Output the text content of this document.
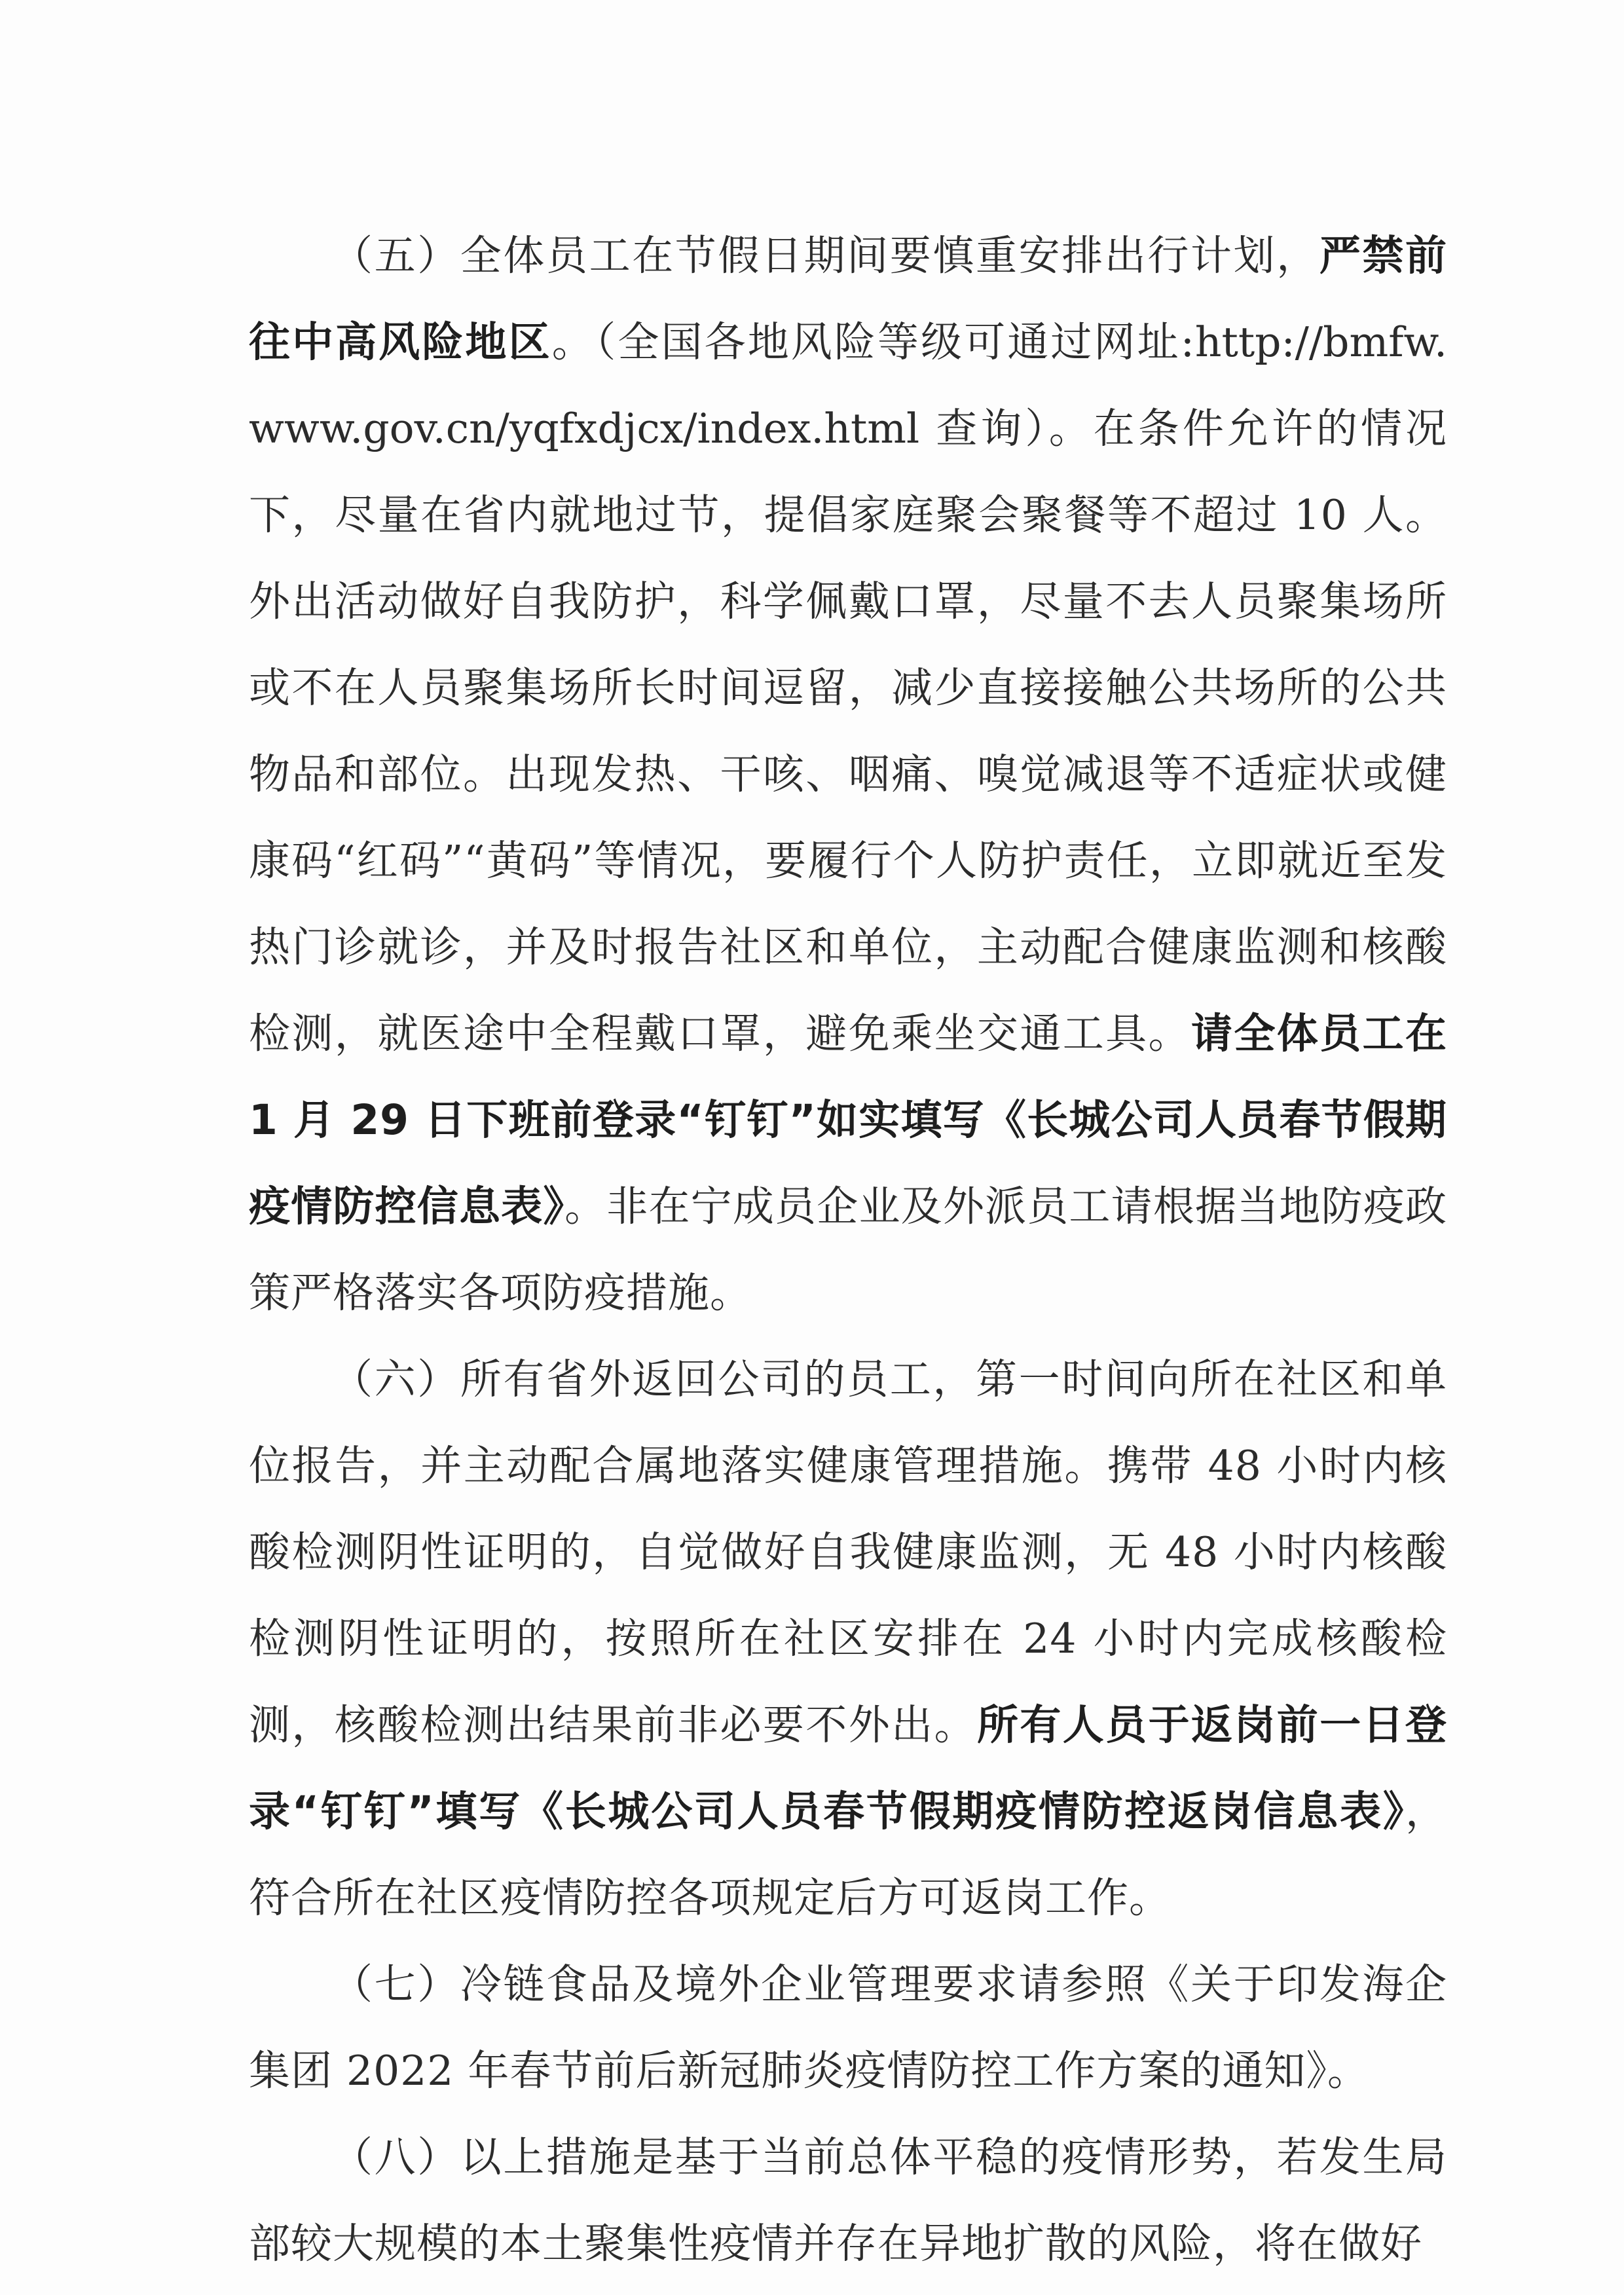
（五）全体员工在节假日期间要慎重安排出行计划，严禁前往中高风险地区。（全国各地风险等级可通过网址:http://bmfw.www.gov.cn/yqfxdjcx/index.html 查询）。在条件允许的情况下，尽量在省内就地过节，提倡家庭聚会聚餐等不超过 10 人。外出活动做好自我防护，科学佩戴口罩，尽量不去人员聚集场所或不在人员聚集场所长时间逗留，减少直接接触公共场所的公共物品和部位。出现发热、干咳、咽痛、嗅觉减退等不适症状或健康码“红码”“黄码”等情况，要履行个人防护责任，立即就近至发热门诊就诊，并及时报告社区和单位，主动配合健康监测和核酸检测，就医途中全程戴口罩，避免乘坐交通工具。请全体员工在 1 月 29 日下班前登录“钉钉”如实填写《长城公司人员春节假期疫情防控信息表》。非在宁成员企业及外派员工请根据当地防疫政策严格落实各项防疫措施。

（六）所有省外返回公司的员工，第一时间向所在社区和单位报告，并主动配合属地落实健康管理措施。携带 48 小时内核酸检测阴性证明的，自觉做好自我健康监测，无 48 小时内核酸检测阴性证明的，按照所在社区安排在 24 小时内完成核酸检测，核酸检测出结果前非必要不外出。所有人员于返岗前一日登录“钉钉”填写《长城公司人员春节假期疫情防控返岗信息表》，符合所在社区疫情防控各项规定后方可返岗工作。

（七）冷链食品及境外企业管理要求请参照《关于印发海企集团 2022 年春节前后新冠肺炎疫情防控工作方案的通知》。

（八）以上措施是基于当前总体平稳的疫情形势，若发生局部较大规模的本土聚集性疫情并存在异地扩散的风险，将在做好
